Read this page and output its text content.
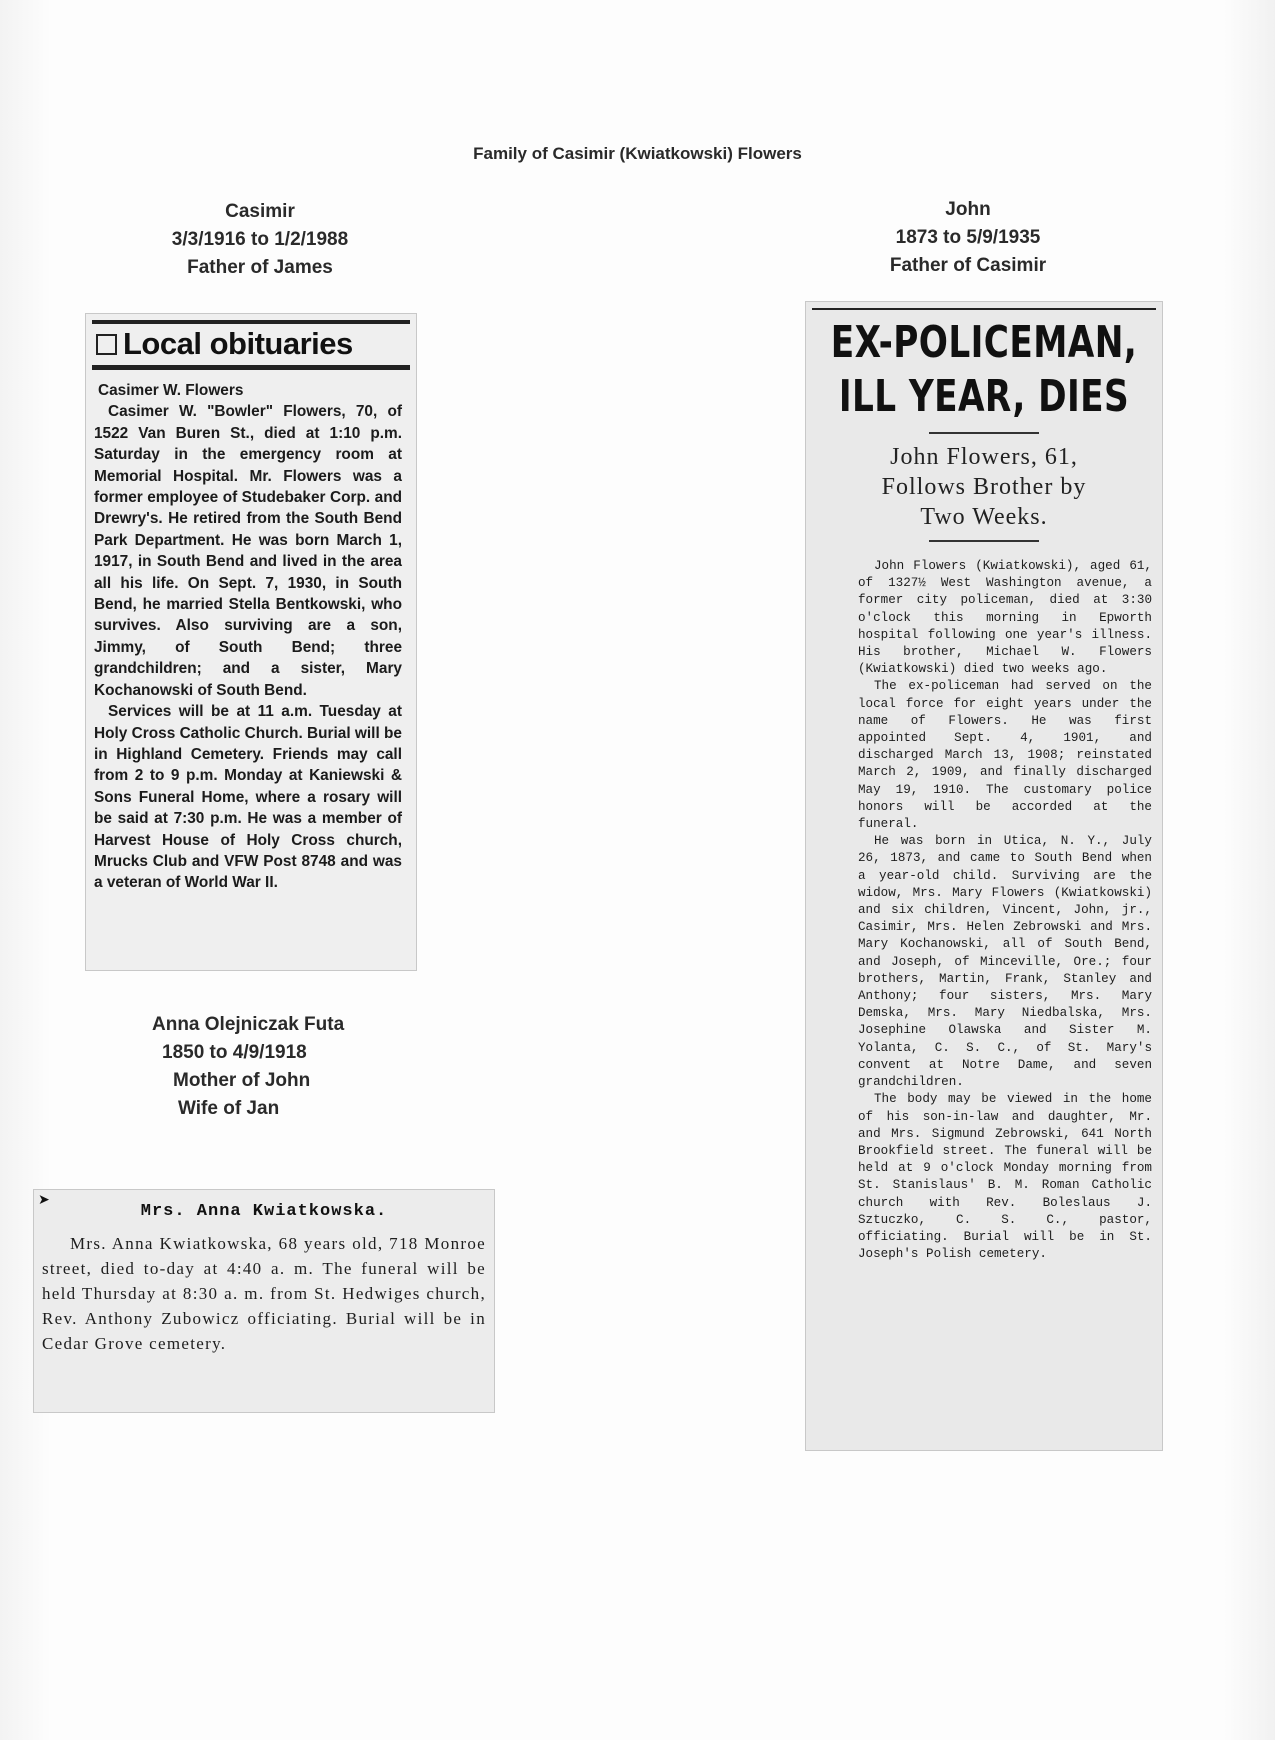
Family of Casimir (Kwiatkowski) Flowers
Casimir
3/3/1916 to 1/2/1988
Father of James
John
1873 to 5/9/1935
Father of Casimir
Anna Olejniczak Futa
1850 to 4/9/1918
Mother of John
Wife of Jan
Local obituaries
Casimer W. Flowers

Casimer W. "Bowler" Flowers, 70, of 1522 Van Buren St., died at 1:10 p.m. Saturday in the emergency room at Memorial Hospital. Mr. Flowers was a former employee of Studebaker Corp. and Drewry's. He retired from the South Bend Park Department. He was born March 1, 1917, in South Bend and lived in the area all his life. On Sept. 7, 1930, in South Bend, he married Stella Bentkowski, who survives. Also surviving are a son, Jimmy, of South Bend; three grandchildren; and a sister, Mary Kochanowski of South Bend.

Services will be at 11 a.m. Tuesday at Holy Cross Catholic Church. Burial will be in Highland Cemetery. Friends may call from 2 to 9 p.m. Monday at Kaniewski & Sons Funeral Home, where a rosary will be said at 7:30 p.m. He was a member of Harvest House of Holy Cross church, Mrucks Club and VFW Post 8748 and was a veteran of World War II.

➤
Mrs. Anna Kwiatkowska.

Mrs. Anna Kwiatkowska, 68 years old, 718 Monroe street, died to-day at 4:40 a. m. The funeral will be held Thursday at 8:30 a. m. from St. Hedwiges church, Rev. Anthony Zubowicz officiating. Burial will be in Cedar Grove cemetery.

EX-POLICEMAN,
ILL YEAR, DIES
John Flowers, 61,
Follows Brother by
Two Weeks.

John Flowers (Kwiatkowski), aged 61, of 1327½ West Washington avenue, a former city policeman, died at 3:30 o'clock this morning in Epworth hospital following one year's illness. His brother, Michael W. Flowers (Kwiatkowski) died two weeks ago.

The ex-policeman had served on the local force for eight years under the name of Flowers. He was first appointed Sept. 4, 1901, and discharged March 13, 1908; reinstated March 2, 1909, and finally discharged May 19, 1910. The customary police honors will be accorded at the funeral.

He was born in Utica, N. Y., July 26, 1873, and came to South Bend when a year-old child. Surviving are the widow, Mrs. Mary Flowers (Kwiatkowski) and six children, Vincent, John, jr., Casimir, Mrs. Helen Zebrowski and Mrs. Mary Kochanowski, all of South Bend, and Joseph, of Minceville, Ore.; four brothers, Martin, Frank, Stanley and Anthony; four sisters, Mrs. Mary Demska, Mrs. Mary Niedbalska, Mrs. Josephine Olawska and Sister M. Yolanta, C. S. C., of St. Mary's convent at Notre Dame, and seven grandchildren.

The body may be viewed in the home of his son-in-law and daughter, Mr. and Mrs. Sigmund Zebrowski, 641 North Brookfield street. The funeral will be held at 9 o'clock Monday morning from St. Stanislaus' B. M. Roman Catholic church with Rev. Boleslaus J. Sztuczko, C. S. C., pastor, officiating. Burial will be in St. Joseph's Polish cemetery.
